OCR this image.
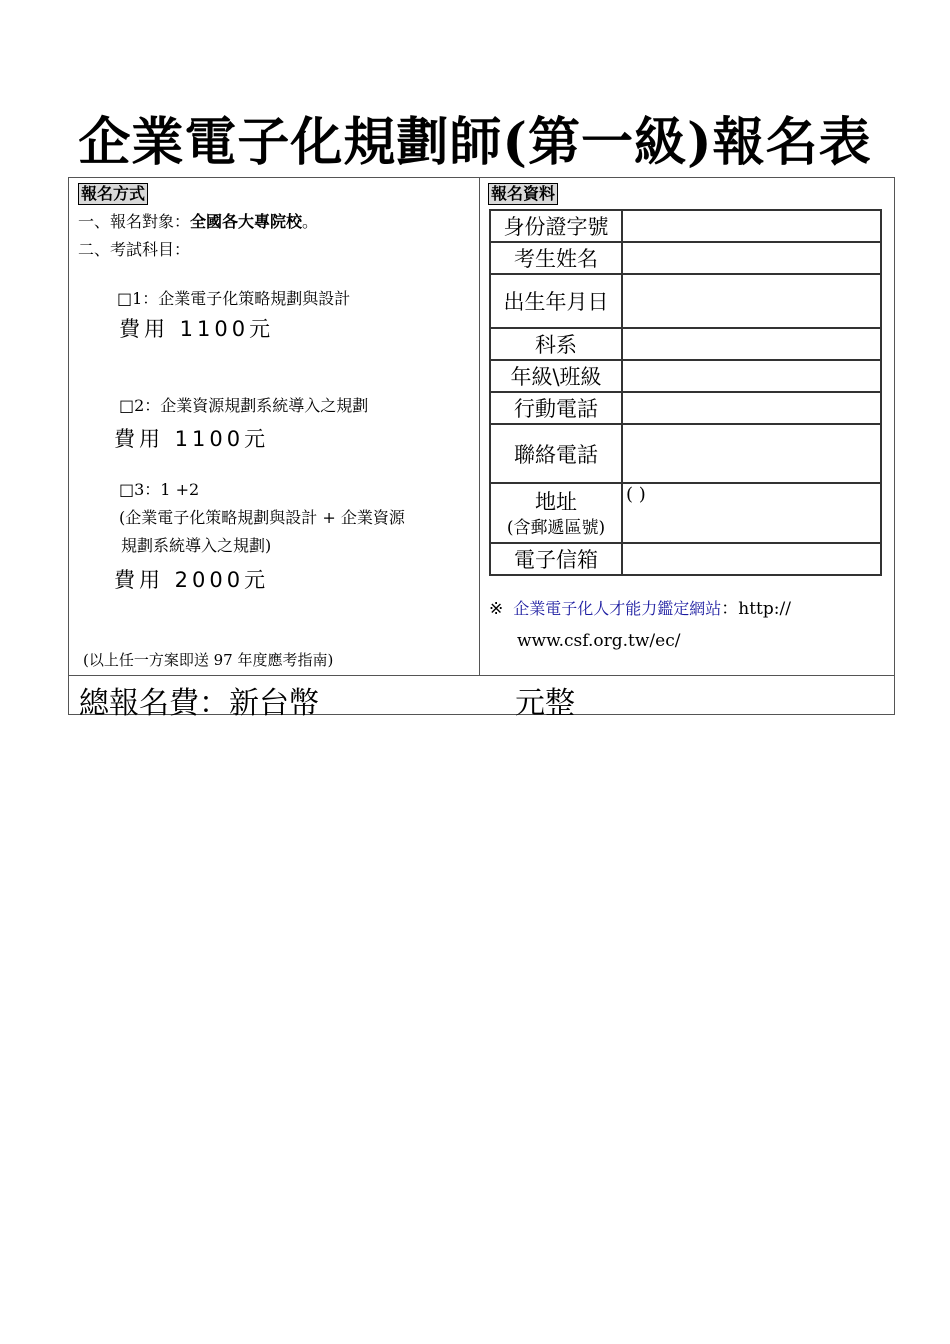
企業電子化規劃師(第一級)報名表
報名方式
一、報名對象：全國各大專院校。
二、考試科目：
□1：企業電子化策略規劃與設計
費用 1100元
□2：企業資源規劃系統導入之規劃
費用 1100元
□3：1 +2
(企業電子化策略規劃與設計 + 企業資源
規劃系統導入之規劃)
費用 2000元
(以上任一方案即送 97 年度應考指南)
報名資料
身份證字號	
考生姓名	
出生年月日	
科系	
年級\班級	
行動電話	
聯絡電話	
地址
(含郵遞區號)	( )
電子信箱	
※ 企業電子化人才能力鑑定網站：http://
www.csf.org.tw/ec/
總報名費：新台幣	元整
